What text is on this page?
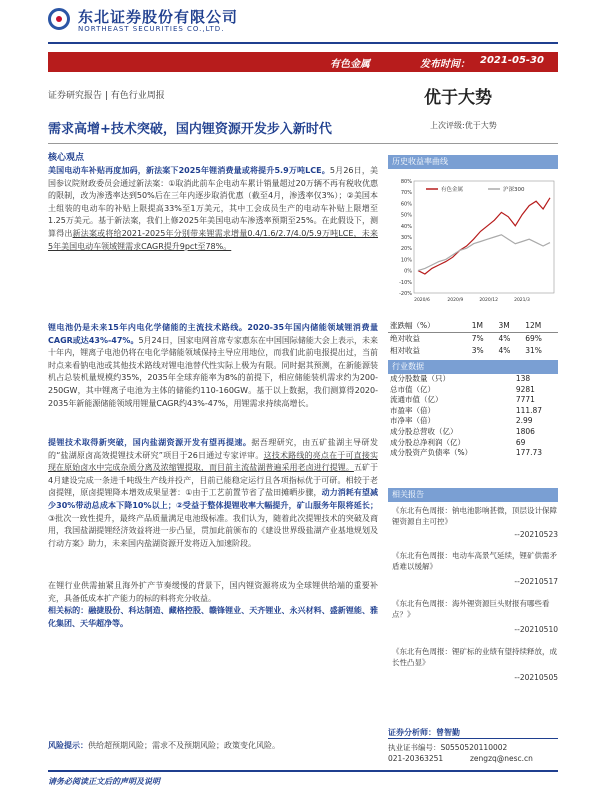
东北证券股份有限公司
NORTHEAST SECURITIES CO.,LTD.
有色金属	发布时间： 2021-05-30
证券研究报告 | 有色行业周报	优于大势
需求高增+技术突破，国内锂资源开发步入新时代	上次评级:优于大势
核心观点
美国电动车补贴再度加码，新法案下2025年锂消费量或将提升5.9万吨LCE。5月26日，美国参议院财政委员会通过新法案：①取消此前车企电动车累计销量超过20万辆不再有税收优惠的限制，改为渗透率达到50%后在三年内逐步取消优惠（截至4月，渗透率仅3%）；②美国本土组装的电动车的补贴上限提高33%至1万美元，其中工会成员生产的电动车补贴上限增至1.25万美元。基于新法案，我们上修2025年美国电动车渗透率预期至25%。在此假设下，测算得出新法案或将给2021-2025年分别带来锂需求增量0.4/1.6/2.7/4.0/5.9万吨LCE，未来5年美国电动车领域锂需求CAGR提升9pct至78%。
锂电池仍是未来15年内电化学储能的主流技术路线。2020-35年国内储能领域锂消费量CAGR或达43%-47%。5月24日，国家电网首席专家惠东在中国国际储能大会上表示，未来十年内，锂离子电池仍将在电化学储能领域保持主导应用地位，而我们此前电报提出过，当前时点来看钠电池或其他技术路线对锂电池替代性实际上极为有限。同时据其预测，在新能源装机占总装机量规模约35%，2035年全球弃能率为8%的前提下，相应储能装机需求约为200-250GW，其中锂离子电池为主体的储能约110-160GW。基于以上数据，我们测算得2020-2035年新能源储能领域用锂量CAGR约43%-47%，用锂需求持续高增长。
提锂技术取得新突破，国内盐湖资源开发有望再提速。据吾理研究，由五矿盐湖主导研发的“盐湖原卤高效提锂技术研究”项目于26日通过专家评审。这技术路线的亮点在于可直接实现在原始卤水中完成杂质分离及浓缩锂提取，而目前主流盐湖普遍采用老卤进行提锂。五矿于4月建设完成一条进千吨级生产线并投产，目前已能稳定运行且各项指标优于可研。相较于老卤提锂，原卤提锂降本增效成果显著：①由于工艺前置节省了盐田摊晒步骤，动力消耗有望减少30%带动总成本下降10%以上；②受益于整体提锂收率大幅提升，矿山服务年限将延长；③批次一致性提升，最终产品质量满足电池级标准。我们认为，随着此次提锂技术的突破及商用，我国盐湖提锂经济效益将进一步凸显，贯加此前颁布的《建设世界级盐湖产业基地规划及行动方案》助力，未来国内盐湖资源开发将迈入加速阶段。
在锂行业供需抽紧且海外扩产节奏缓慢的背景下，国内锂资源将成为全球锂供给端的重要补充，具备低成本扩产能力的标的料将充分收益。
相关标的：融捷股份、科达制造、藏格控股、赣锋锂业、天齐锂业、永兴材料、盛新锂能、雅化集团、天华超净等。
风险提示：供给超预期风险；需求不及预期风险；政策变化风险。
历史收益率曲线
-20%
-10%
0%
10%
20%
30%
40%
50%
60%
70%
80%
2020/6	2020/9	2020/12	2021/3
有色金属	沪深300
涨跌幅（%）	1M	3M	12M
绝对收益	7%	4%	69%
相对收益	3%	4%	31%
行业数据
成分股数量（只）	138
总市值（亿）	9281
流通市值（亿）	7771
市盈率（倍）	111.87
市净率（倍）	2.99
成分股总营收（亿）	1806
成分股总净利润（亿）	69
成分股资产负债率（%）	177.73
相关报告
《东北有色周报：钠电池影响甚微，顶层设计保障锂资源自主可控》
--20210523
《东北有色周报：电动车高景气延续，锂矿供需矛盾难以缓解》
--20210517
《东北有色周报：海外锂资源巨头财报有哪些看点？》
--20210510
《东北有色周报：锂矿标的业绩有望持续释放，成长性凸显》
--20210505
证券分析师：曾智勤
执业证书编号：S0550520110002
021-20363251	zengzq@nesc.cn
请务必阅读正文后的声明及说明
